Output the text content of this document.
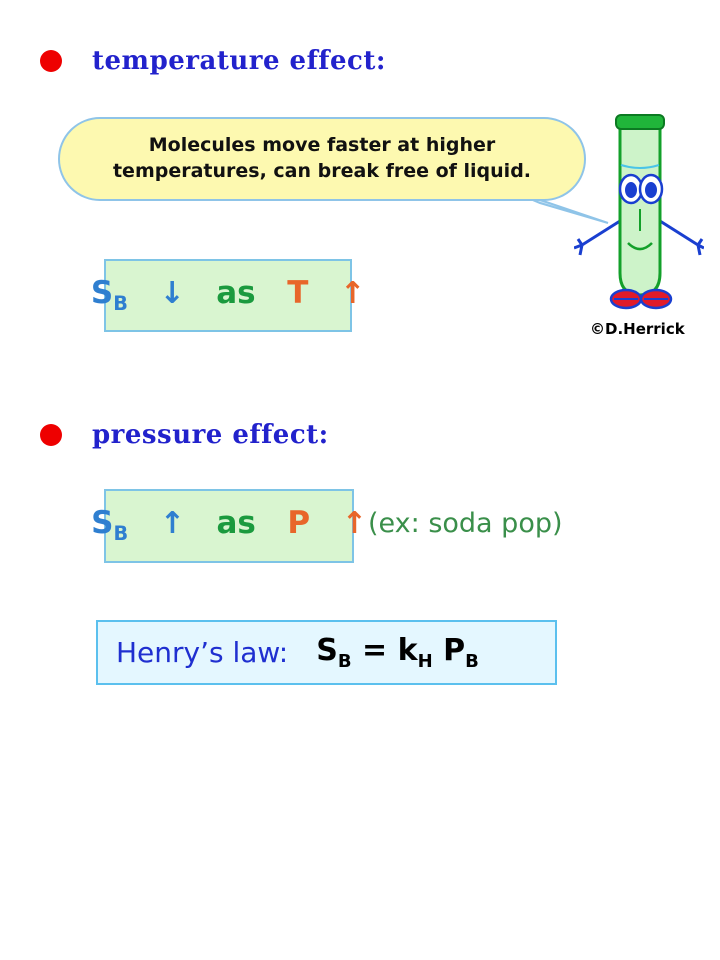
temperature effect:
Molecules move faster at higher
temperatures, can break free of liquid.
©D.Herrick
$S_B$ ↓ as T ↑
pressure effect:
$S_B$ ↑ as P ↑ (ex: soda pop)
Henry’s law: $S_B = k_H$ $P_B$
